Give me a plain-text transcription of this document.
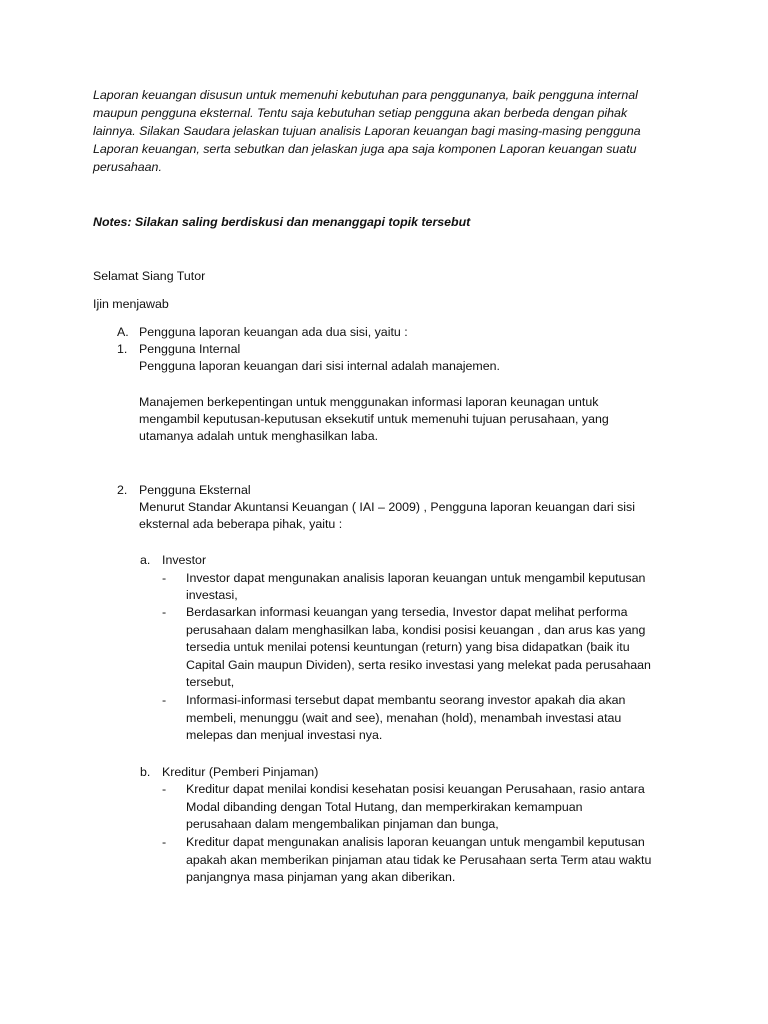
Laporan keuangan disusun untuk memenuhi kebutuhan para penggunanya, baik pengguna internal
maupun pengguna eksternal. Tentu saja kebutuhan setiap pengguna akan berbeda dengan pihak
lainnya. Silakan Saudara jelaskan tujuan analisis Laporan keuangan bagi masing-masing pengguna
Laporan keuangan, serta sebutkan dan jelaskan juga apa saja komponen Laporan keuangan suatu
perusahaan.
Notes: Silakan saling berdiskusi dan menanggapi topik tersebut
Selamat Siang Tutor
Ijin menjawab
A. Pengguna laporan keuangan ada dua sisi, yaitu :
1. Pengguna Internal
Pengguna laporan keuangan dari sisi internal adalah manajemen.
Manajemen berkepentingan untuk menggunakan informasi laporan keunagan untuk
mengambil keputusan-keputusan eksekutif untuk memenuhi tujuan perusahaan, yang
utamanya adalah untuk menghasilkan laba.
2. Pengguna Eksternal
Menurut Standar Akuntansi Keuangan ( IAI – 2009) , Pengguna laporan keuangan dari sisi
eksternal ada beberapa pihak, yaitu :
a. Investor
- Investor dapat mengunakan analisis laporan keuangan untuk mengambil keputusan
investasi,
- Berdasarkan informasi keuangan yang tersedia, Investor dapat melihat performa
perusahaan dalam menghasilkan laba, kondisi posisi keuangan , dan arus kas yang
tersedia untuk menilai potensi keuntungan (return) yang bisa didapatkan (baik itu
Capital Gain maupun Dividen), serta resiko investasi yang melekat pada perusahaan
tersebut,
- Informasi-informasi tersebut dapat membantu seorang investor apakah dia akan
membeli, menunggu (wait and see), menahan (hold), menambah investasi atau
melepas dan menjual investasi nya.
b. Kreditur (Pemberi Pinjaman)
- Kreditur dapat menilai kondisi kesehatan posisi keuangan Perusahaan, rasio antara
Modal dibanding dengan Total Hutang, dan memperkirakan kemampuan
perusahaan dalam mengembalikan pinjaman dan bunga,
- Kreditur dapat mengunakan analisis laporan keuangan untuk mengambil keputusan
apakah akan memberikan pinjaman atau tidak ke Perusahaan serta Term atau waktu
panjangnya masa pinjaman yang akan diberikan.
